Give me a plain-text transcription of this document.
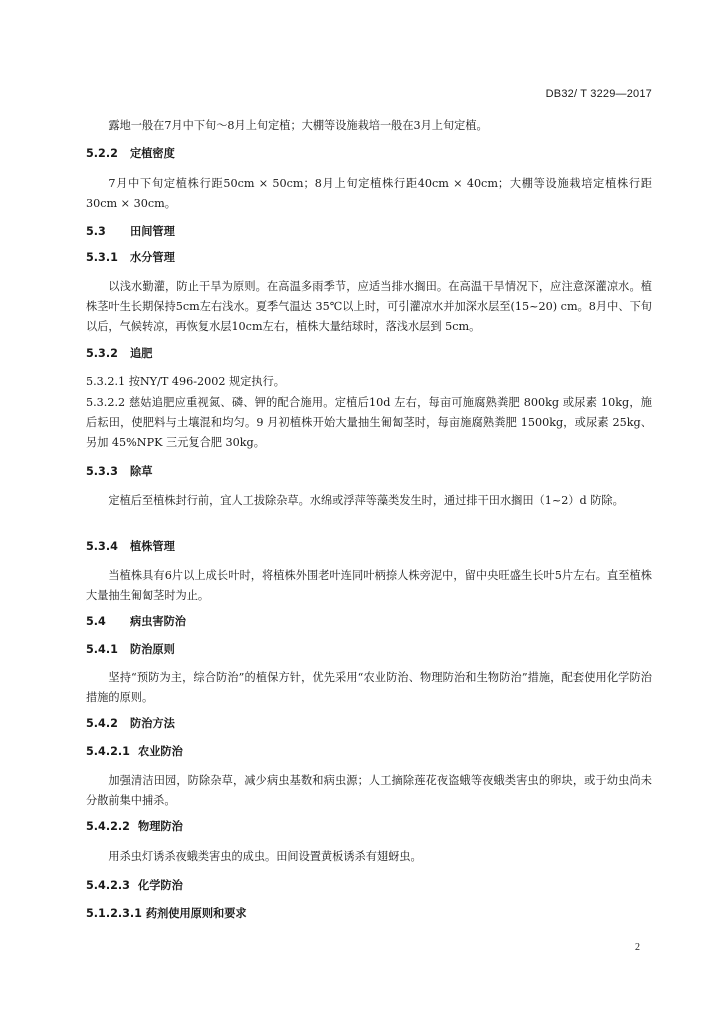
DB32/ T 3229—2017
露地一般在7月中下旬～8月上旬定植；大棚等设施栽培一般在3月上旬定植。
5.2.2 定植密度
7月中下旬定植株行距50cm × 50cm；8月上旬定植株行距40cm × 40cm；大棚等设施栽培定植株行距30cm × 30cm。
5.3 田间管理
5.3.1 水分管理
以浅水勤灌，防止干旱为原则。在高温多雨季节，应适当排水搁田。在高温干旱情况下，应注意深灌凉水。植株茎叶生长期保持5cm左右浅水。夏季气温达 35℃以上时，可引灌凉水并加深水层至(15~20) cm。8月中、下旬以后，气候转凉，再恢复水层10cm左右，植株大量结球时，落浅水层到 5cm。
5.3.2 追肥
5.3.2.1 按NY/T 496-2002 规定执行。
5.3.2.2 慈姑追肥应重视氮、磷、钾的配合施用。定植后10d 左右，每亩可施腐熟粪肥 800kg 或尿素 10kg，施后耘田，使肥料与土壤混和均匀。9 月初植株开始大量抽生匍匐茎时，每亩施腐熟粪肥 1500kg，或尿素 25kg、另加 45%NPK 三元复合肥 30kg。
5.3.3 除草
定植后至植株封行前，宜人工拔除杂草。水绵或浮萍等藻类发生时，通过排干田水搁田（1~2）d 防除。
5.3.4 植株管理
当植株具有6片以上成长叶时，将植株外围老叶连同叶柄捺人株旁泥中，留中央旺盛生长叶5片左右。直至植株大量抽生匍匐茎时为止。
5.4 病虫害防治
5.4.1 防治原则
坚持“预防为主，综合防治”的植保方针，优先采用“农业防治、物理防治和生物防治”措施，配套使用化学防治措施的原则。
5.4.2 防治方法
5.4.2.1 农业防治
加强清洁田园，防除杂草，减少病虫基数和病虫源；人工摘除莲花夜盗蛾等夜蛾类害虫的卵块，或于幼虫尚未分散前集中捕杀。
5.4.2.2 物理防治
用杀虫灯诱杀夜蛾类害虫的成虫。田间设置黄板诱杀有翅蚜虫。
5.4.2.3 化学防治
5.1.2.3.1 药剂使用原则和要求
2
